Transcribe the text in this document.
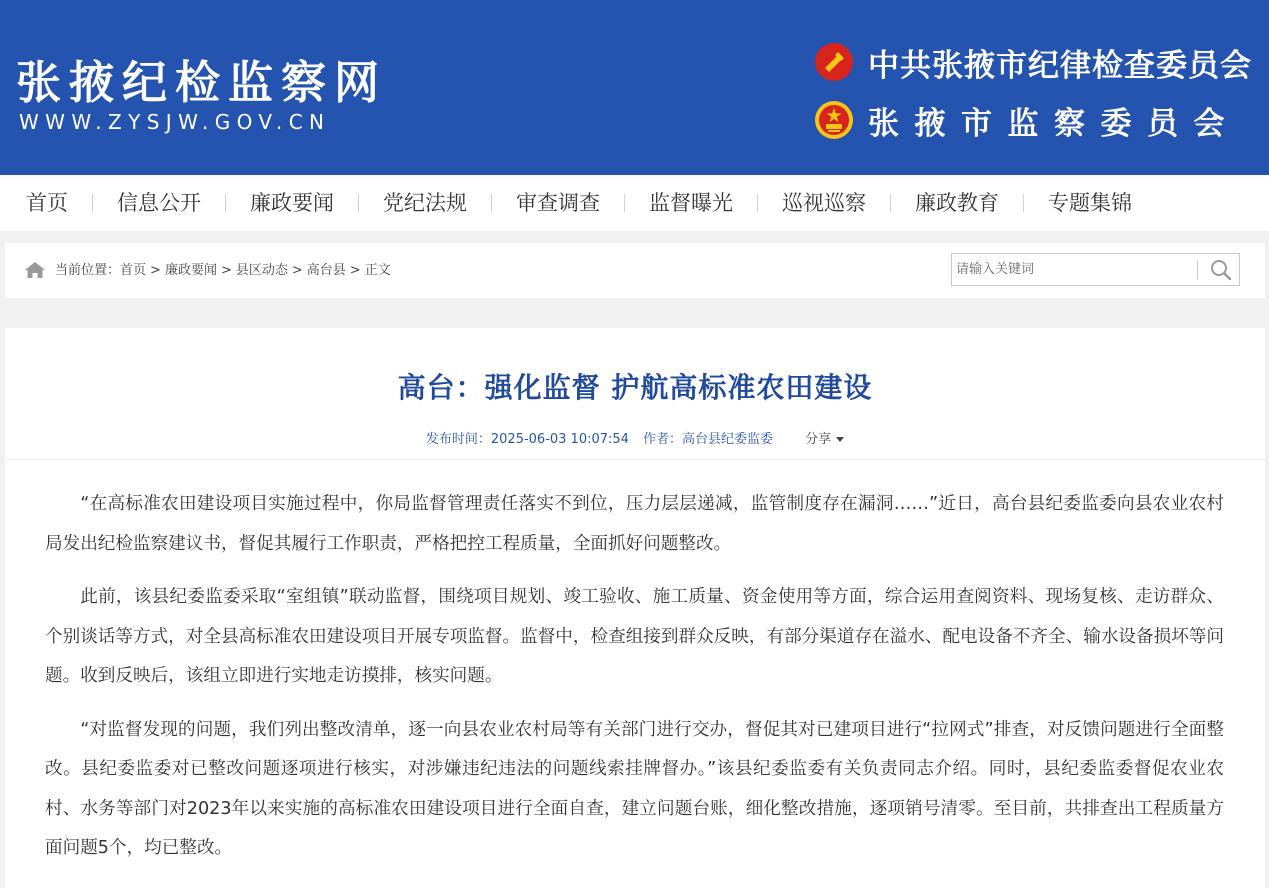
张掖纪检监察网
WWW.ZYSJW.GOV.CN
中共张掖市纪律检查委员会
张掖市监察委员会
首页	信息公开	廉政要闻	党纪法规	审查调查	监督曝光	巡视巡察	廉政教育	专题集锦
当前位置：首页 > 廉政要闻 > 县区动态 > 高台县 > 正文
请输入关键词
高台：强化监督 护航高标准农田建设
发布时间：2025-06-03 10:07:54 作者：高台县纪委监委 分享

“在高标准农田建设项目实施过程中，你局监督管理责任落实不到位，压力层层递减，监管制度存在漏洞……”近日，高台县纪委监委向县农业农村局发出纪检监察建议书，督促其履行工作职责，严格把控工程质量，全面抓好问题整改。

此前，该县纪委监委采取“室组镇”联动监督，围绕项目规划、竣工验收、施工质量、资金使用等方面，综合运用查阅资料、现场复核、走访群众、个别谈话等方式，对全县高标准农田建设项目开展专项监督。监督中，检查组接到群众反映，有部分渠道存在溢水、配电设备不齐全、输水设备损坏等问题。收到反映后，该组立即进行实地走访摸排，核实问题。

“对监督发现的问题，我们列出整改清单，逐一向县农业农村局等有关部门进行交办，督促其对已建项目进行“拉网式”排查，对反馈问题进行全面整改。县纪委监委对已整改问题逐项进行核实，对涉嫌违纪违法的问题线索挂牌督办。”该县纪委监委有关负责同志介绍。同时，县纪委监委督促农业农村、水务等部门对2023年以来实施的高标准农田建设项目进行全面自查，建立问题台账，细化整改措施，逐项销号清零。至目前，共排查出工程质量方面问题5个，均已整改。
